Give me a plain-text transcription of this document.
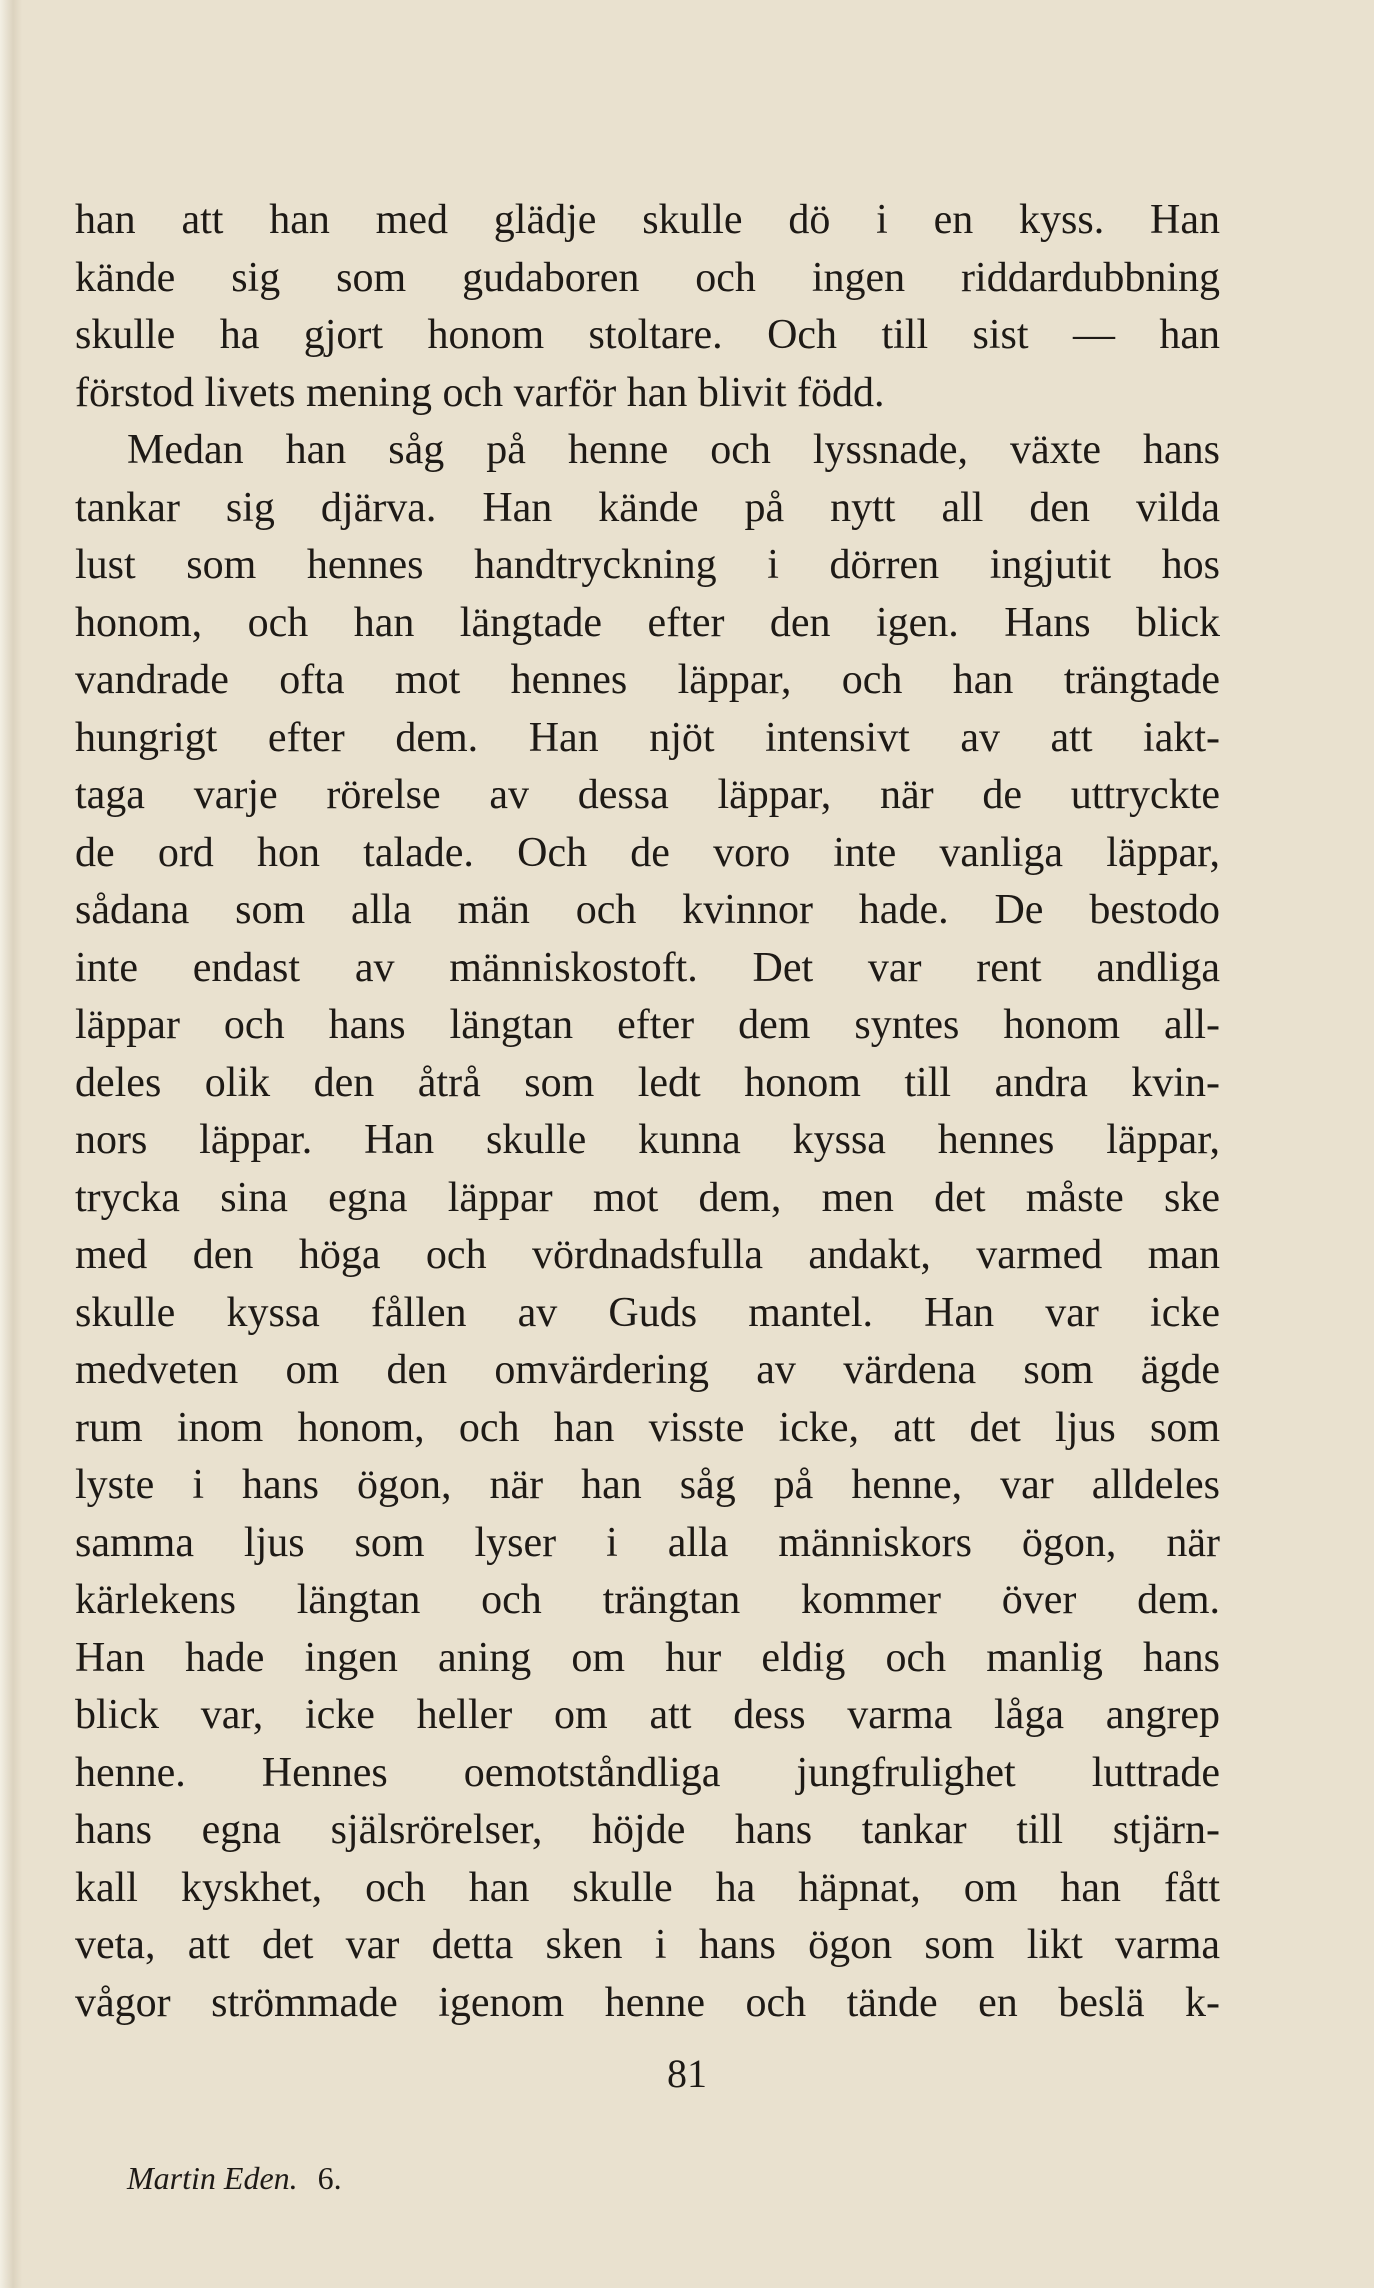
han att han med glädje skulle dö i en kyss. Han
kände sig som gudaboren och ingen riddardubbning
skulle ha gjort honom stoltare. Och till sist — han
förstod livets mening och varför han blivit född.
Medan han såg på henne och lyssnade, växte hans
tankar sig djärva. Han kände på nytt all den vilda
lust som hennes handtryckning i dörren ingjutit hos
honom, och han längtade efter den igen. Hans blick
vandrade ofta mot hennes läppar, och han trängtade
hungrigt efter dem. Han njöt intensivt av att iakt-
taga varje rörelse av dessa läppar, när de uttryckte
de ord hon talade. Och de voro inte vanliga läppar,
sådana som alla män och kvinnor hade. De bestodo
inte endast av människostoft. Det var rent andliga
läppar och hans längtan efter dem syntes honom all-
deles olik den åtrå som ledt honom till andra kvin-
nors läppar. Han skulle kunna kyssa hennes läppar,
trycka sina egna läppar mot dem, men det måste ske
med den höga och vördnadsfulla andakt, varmed man
skulle kyssa fållen av Guds mantel. Han var icke
medveten om den omvärdering av värdena som ägde
rum inom honom, och han visste icke, att det ljus som
lyste i hans ögon, när han såg på henne, var alldeles
samma ljus som lyser i alla människors ögon, när
kärlekens längtan och trängtan kommer över dem.
Han hade ingen aning om hur eldig och manlig hans
blick var, icke heller om att dess varma låga angrep
henne. Hennes oemotståndliga jungfrulighet luttrade
hans egna själsrörelser, höjde hans tankar till stjärn-
kall kyskhet, och han skulle ha häpnat, om han fått
veta, att det var detta sken i hans ögon som likt varma
vågor strömmade igenom henne och tände en beslä k-
81
Martin Eden. 6.
